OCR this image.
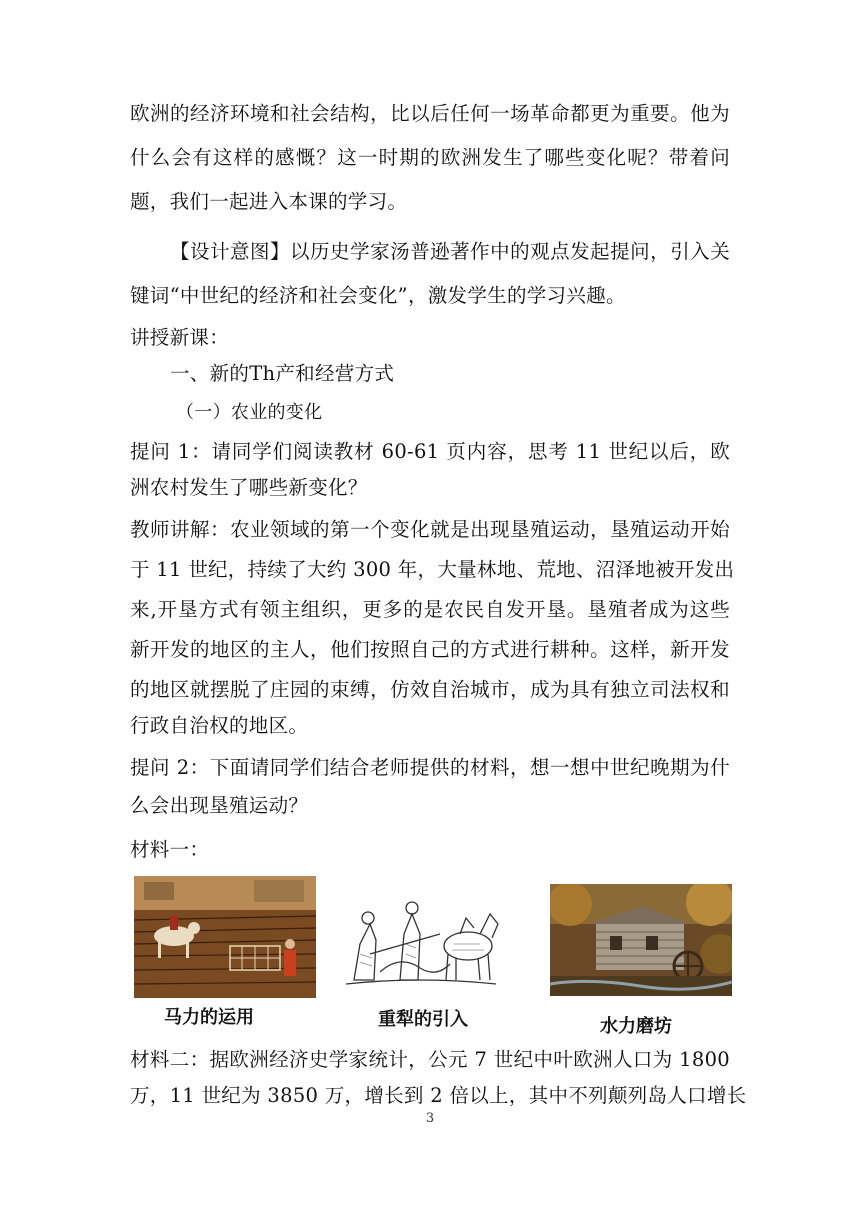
欧洲的经济环境和社会结构，比以后任何一场革命都更为重要。他为
什么会有这样的感慨？这一时期的欧洲发生了哪些变化呢？带着问
题，我们一起进入本课的学习。
【设计意图】以历史学家汤普逊著作中的观点发起提问，引入关
键词“中世纪的经济和社会变化”，激发学生的学习兴趣。
讲授新课：
一、新的Th产和经营方式
（一）农业的变化
提问 1：请同学们阅读教材 60-61 页内容，思考 11 世纪以后，欧
洲农村发生了哪些新变化？
教师讲解：农业领域的第一个变化就是出现垦殖运动，垦殖运动开始
于 11 世纪，持续了大约 300 年，大量林地、荒地、沼泽地被开发出
来,开垦方式有领主组织，更多的是农民自发开垦。垦殖者成为这些
新开发的地区的主人，他们按照自己的方式进行耕种。这样，新开发
的地区就摆脱了庄园的束缚，仿效自治城市，成为具有独立司法权和
行政自治权的地区。
提问 2：下面请同学们结合老师提供的材料，想一想中世纪晚期为什
么会出现垦殖运动？
材料一：
马力的运用	重犁的引入	水力磨坊
材料二：据欧洲经济史学家统计，公元 7 世纪中叶欧洲人口为 1800
万，11 世纪为 3850 万，增长到 2 倍以上，其中不列颠列岛人口增长
3
